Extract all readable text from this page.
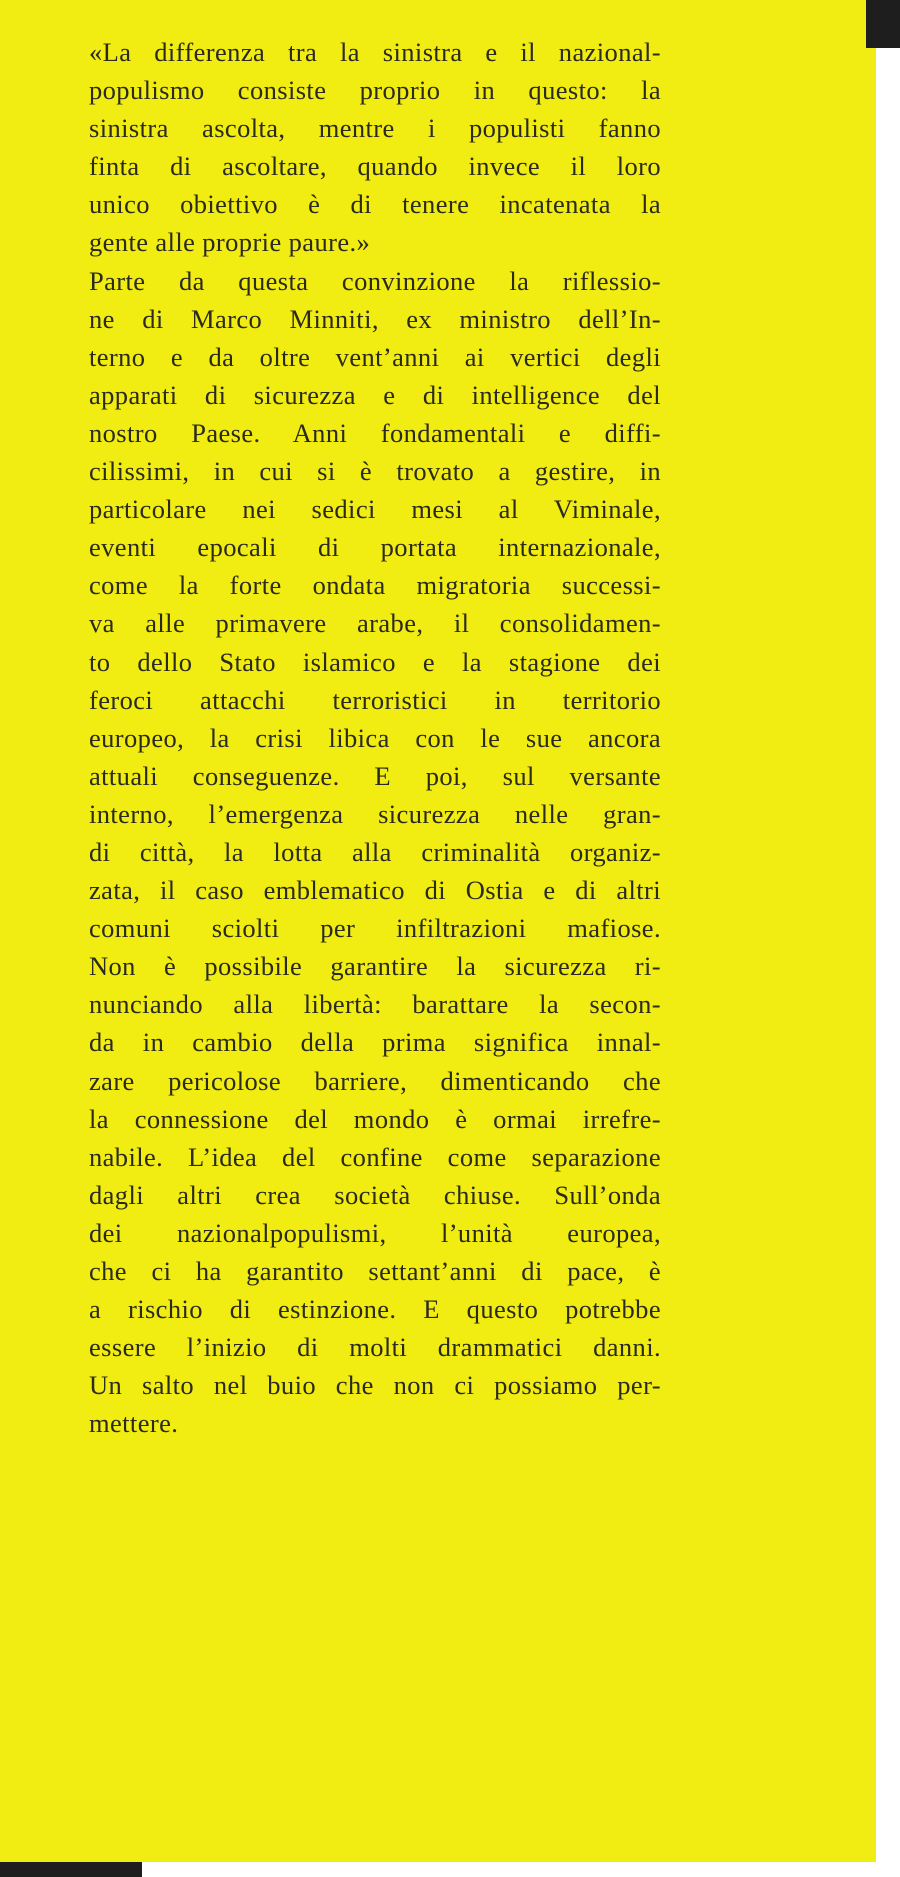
«La differenza tra la sinistra e il nazional-
populismo consiste proprio in questo: la
sinistra ascolta, mentre i populisti fanno
finta di ascoltare, quando invece il loro
unico obiettivo è di tenere incatenata la
gente alle proprie paure.»
Parte da questa convinzione la riflessio-
ne di Marco Minniti, ex ministro dell’In-
terno e da oltre vent’anni ai vertici degli
apparati di sicurezza e di intelligence del
nostro Paese. Anni fondamentali e diffi-
cilissimi, in cui si è trovato a gestire, in
particolare nei sedici mesi al Viminale,
eventi epocali di portata internazionale,
come la forte ondata migratoria successi-
va alle primavere arabe, il consolidamen-
to dello Stato islamico e la stagione dei
feroci attacchi terroristici in territorio
europeo, la crisi libica con le sue ancora
attuali conseguenze. E poi, sul versante
interno, l’emergenza sicurezza nelle gran-
di città, la lotta alla criminalità organiz-
zata, il caso emblematico di Ostia e di altri
comuni sciolti per infiltrazioni mafiose.
Non è possibile garantire la sicurezza ri-
nunciando alla libertà: barattare la secon-
da in cambio della prima significa innal-
zare pericolose barriere, dimenticando che
la connessione del mondo è ormai irrefre-
nabile. L’idea del confine come separazione
dagli altri crea società chiuse. Sull’onda
dei nazionalpopulismi, l’unità europea,
che ci ha garantito settant’anni di pace, è
a rischio di estinzione. E questo potrebbe
essere l’inizio di molti drammatici danni.
Un salto nel buio che non ci possiamo per-
mettere.
